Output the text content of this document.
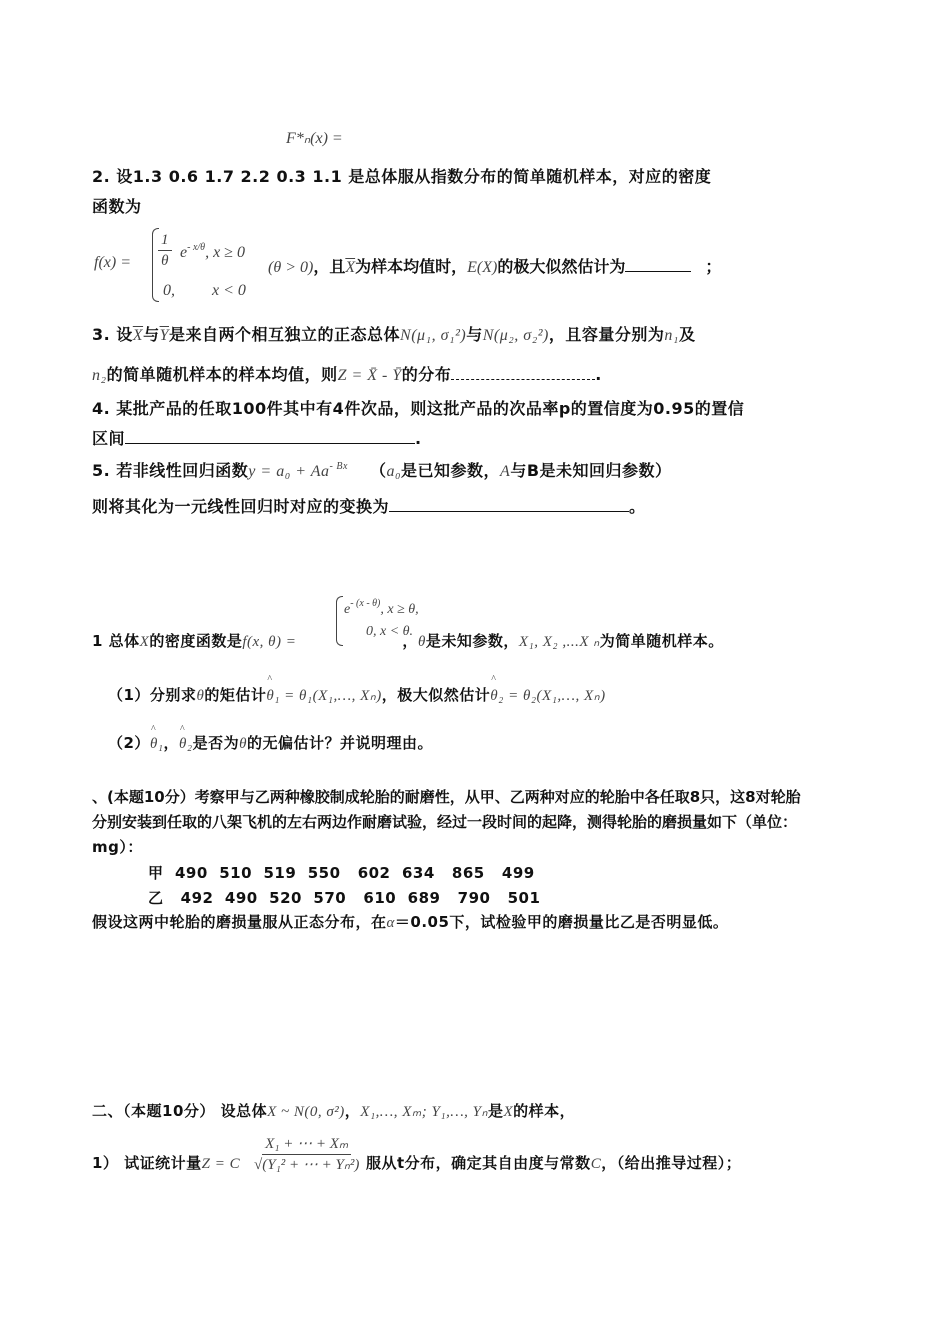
F*ₙ(x) =
2. 设1.3 0.6 1.7 2.2 0.3 1.1 是总体服从指数分布的简单随机样本，对应的密度
函数为
$f(x) = \frac{1}{\theta} e^{- x/\theta}$, x ≥ 0
0, x < 0
(θ > 0)，且$\overline{X}$为样本均值时，E(X)的极大似然估计为	；
3. 设$\overline{X}$与$\overline{Y}$是来自两个相互独立的正态总体N(μ₁, σ₁²)与N(μ₂, σ₂²)，且容量分别为n₁及
n₂的简单随机样本的样本均值，则Z = X̄ - Ȳ的分布	.
4. 某批产品的任取100件其中有4件次品，则这批产品的次品率p的置信度为0.95的置信
区间	.
5. 若非线性回归函数$y = a_0 + Aa^{- Bx}$ （a₀是已知参数，A与B是未知回归参数）
则将其化为一元线性回归时对应的变换为	。
$e^{- (x - \theta)}$, x ≥ θ,
0, x < θ.
1 总体X的密度函数是f(x, θ) =	，θ是未知参数，X₁, X₂ ,...X ₙ为简单随机样本。
（1）分别求θ的矩估计^ θ₁ = θ₁(X₁,…, Xₙ)，极大似然估计^ θ₂ = θ₂(X₁,…, Xₙ)
（2）^ θ₁，^ θ₂是否为θ的无偏估计？并说明理由。
、(本题10分）考察甲与乙两种橡胶制成轮胎的耐磨性，从甲、乙两种对应的轮胎中各任取8只，这8对轮胎
分别安装到任取的八架飞机的左右两边作耐磨试验，经过一段时间的起降，测得轮胎的磨损量如下（单位：
mg）：
甲  490  510  519  550   602  634   865   499
乙   492  490  520  570   610  689   790   501
假设这两中轮胎的磨损量服从正态分布，在α＝0.05下，试检验甲的磨损量比乙是否明显低。
二、（本题10分） 设总体X ~ N(0, σ²)，X₁,…, Xₘ; Y₁,…, Yₙ是X的样本，
1） 试证统计量Z = C $\frac{\text{X₁ + ⋯ + Xₘ}}{\text{√(Y₁² + ⋯ + Yₙ²)}}$ 服从t分布，确定其自由度与常数C，（给出推导过程）；
